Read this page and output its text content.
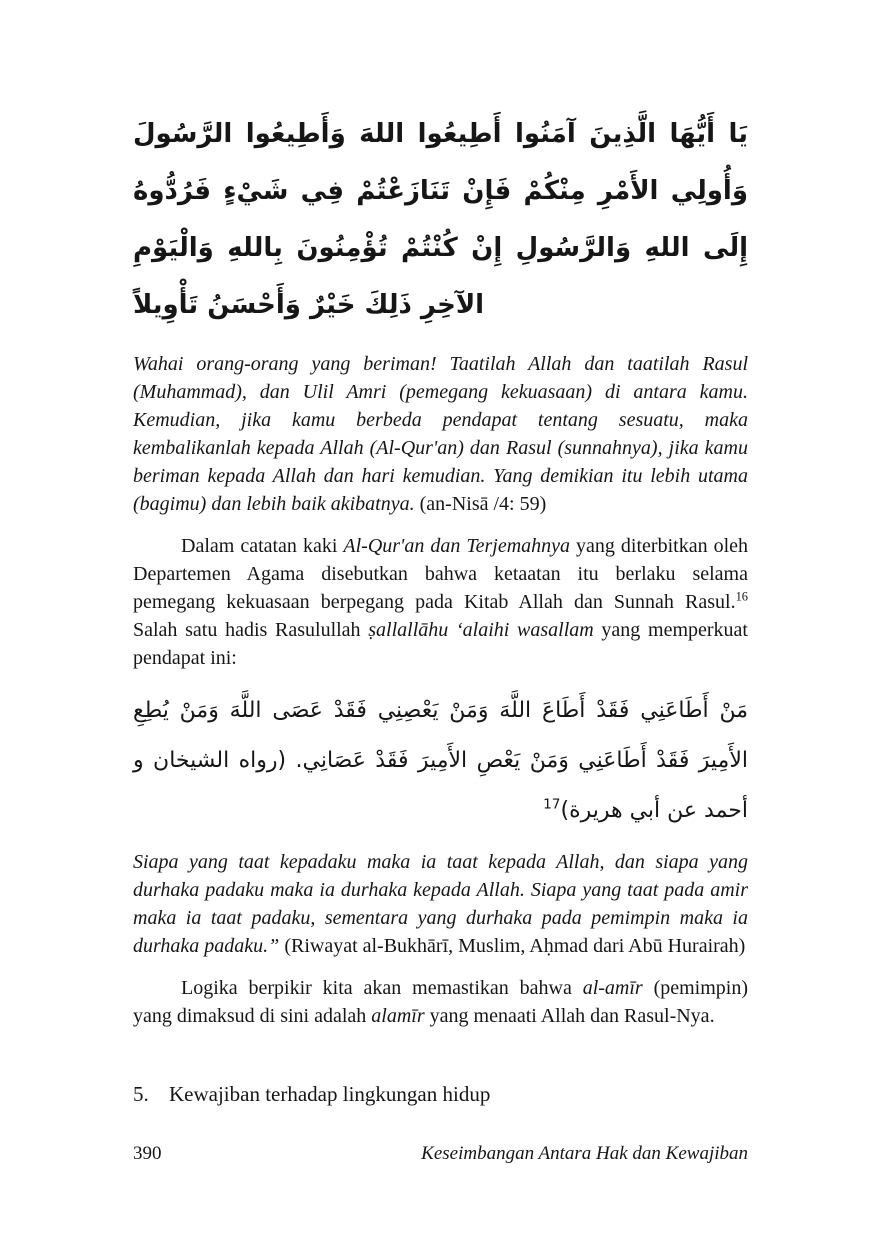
يَا أَيُّهَا الَّذِينَ آمَنُوا أَطِيعُوا اللهَ وَأَطِيعُوا الرَّسُولَ وَأُولِي الأَمْرِ مِنْكُمْ فَإِنْ تَنَازَعْتُمْ فِي شَيْءٍ فَرُدُّوهُ إِلَى اللهِ وَالرَّسُولِ إِنْ كُنْتُمْ تُؤْمِنُونَ بِاللهِ وَالْيَوْمِ الآخِرِ ذَلِكَ خَيْرٌ وَأَحْسَنُ تَأْوِيلاً

Wahai orang-orang yang beriman! Taatilah Allah dan taatilah Rasul (Muhammad), dan Ulil Amri (pemegang kekuasaan) di antara kamu. Kemudian, jika kamu berbeda pendapat tentang sesuatu, maka kembalikanlah kepada Allah (Al-Qur'an) dan Rasul (sunnahnya), jika kamu beriman kepada Allah dan hari kemudian. Yang demikian itu lebih utama (bagimu) dan lebih baik akibatnya. (an-Nisā /4: 59)

Dalam catatan kaki Al-Qur'an dan Terjemahnya yang diterbitkan oleh Departemen Agama disebutkan bahwa ketaatan itu berlaku selama pemegang kekuasaan berpegang pada Kitab Allah dan Sunnah Rasul.$^{16}$ Salah satu hadis Rasulullah ṣallallāhu ʻalaihi wasallam yang memperkuat pendapat ini:

مَنْ أَطَاعَنِي فَقَدْ أَطَاعَ اللَّهَ وَمَنْ يَعْصِنِي فَقَدْ عَصَى اللَّهَ وَمَنْ يُطِعِ الأَمِيرَ فَقَدْ أَطَاعَنِي وَمَنْ يَعْصِ الأَمِيرَ فَقَدْ عَصَانِي. (رواه الشيخان و أحمد عن أبي هريرة)$^{17}$

Siapa yang taat kepadaku maka ia taat kepada Allah, dan siapa yang durhaka padaku maka ia durhaka kepada Allah. Siapa yang taat pada amir maka ia taat padaku, sementara yang durhaka pada pemimpin maka ia durhaka padaku.” (Riwayat al-Bukhārī, Muslim, Aḥmad dari Abū Hurairah)

Logika berpikir kita akan memastikan bahwa al-amīr (pemimpin) yang dimaksud di sini adalah alamīr yang menaati Allah dan Rasul-Nya.

5. Kewajiban terhadap lingkungan hidup
390	Keseimbangan Antara Hak dan Kewajiban
